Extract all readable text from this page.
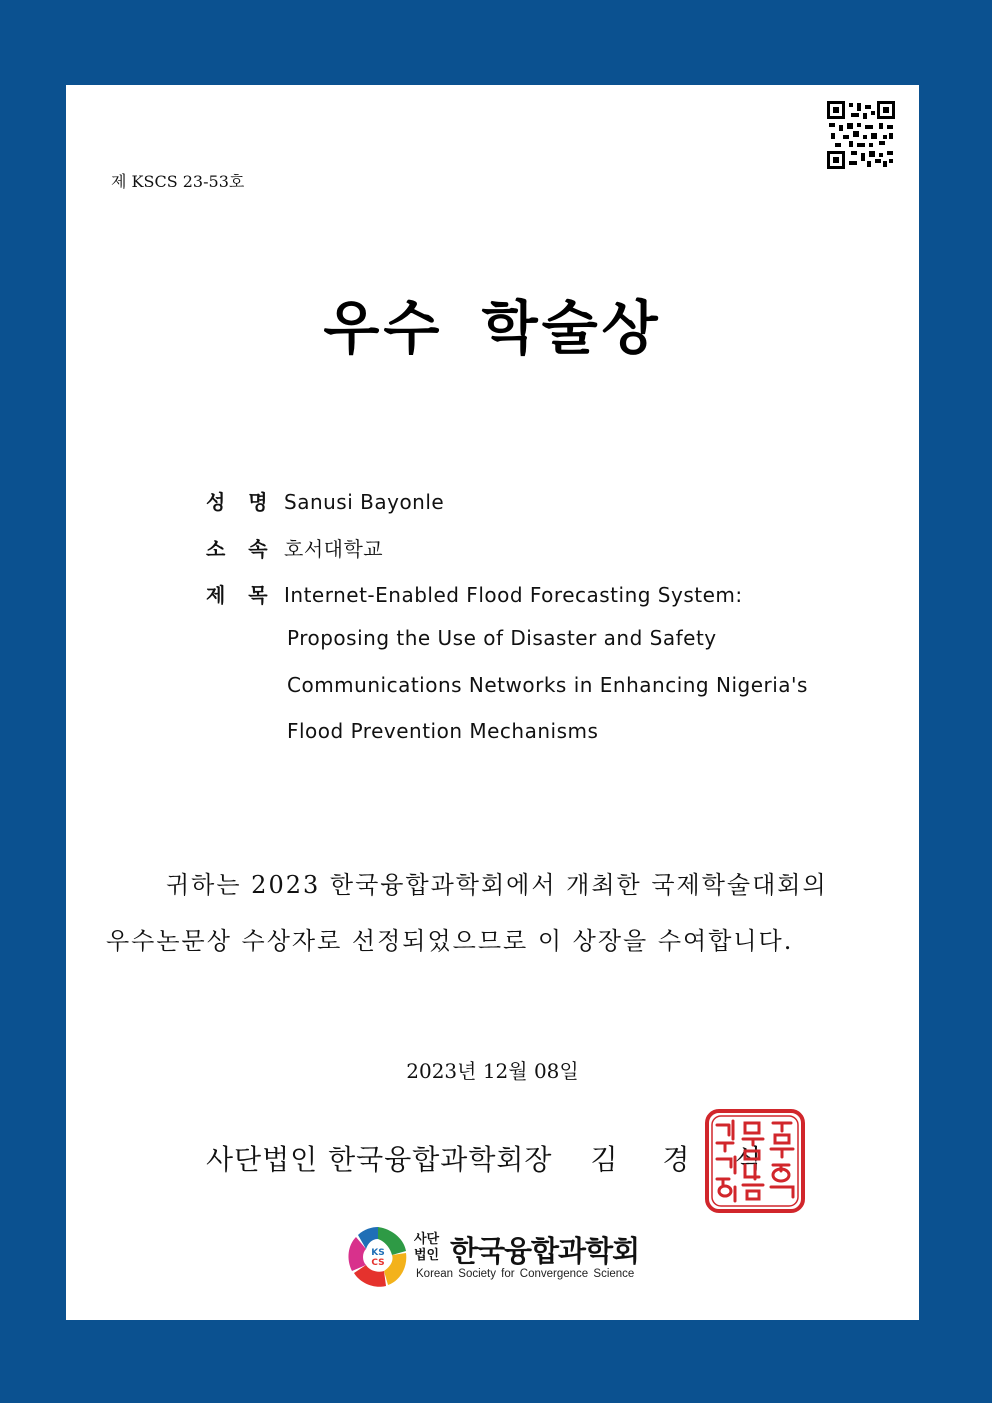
제 KSCS 23-53호
우수 학술상
성 명 Sanusi Bayonle
소 속 호서대학교
제 목 Internet-Enabled Flood Forecasting System:
Proposing the Use of Disaster and Safety
Communications Networks in Enhancing Nigeria's
Flood Prevention Mechanisms
귀하는 2023 한국융합과학회에서 개최한 국제학술대회의
우수논문상 수상자로 선정되었으므로 이 상장을 수여합니다.
2023년 12월 08일
사단법인 한국융합과학회장 김 경 식
KS
CS
사단법인 한국융합과학회
Korean Society for Convergence Science
